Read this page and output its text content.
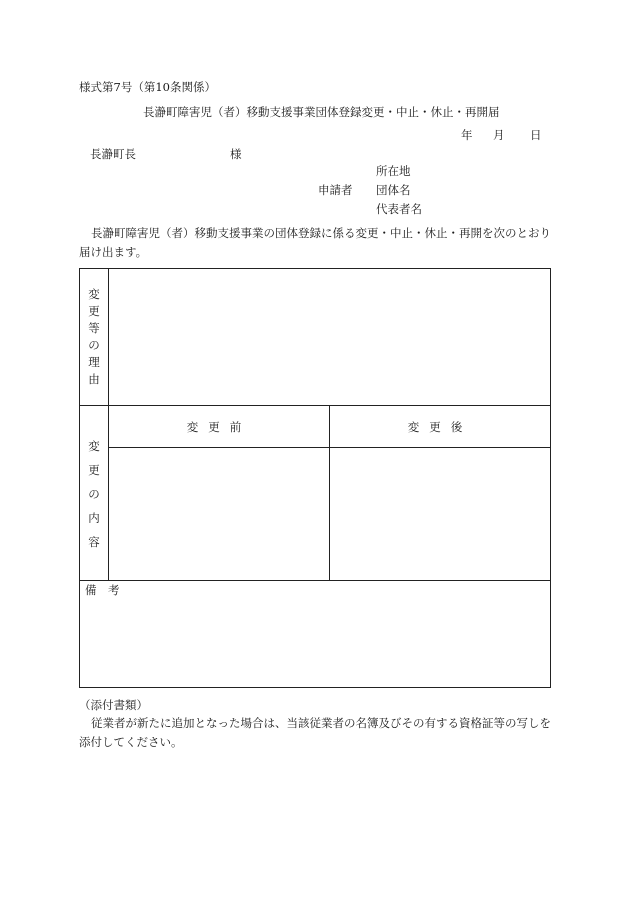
様式第7号（第10条関係）
長瀞町障害児（者）移動支援事業団体登録変更・中止・休止・再開届
年 月 日
長瀞町長	様
所在地
申請者 団体名
代表者名
長瀞町障害児（者）移動支援事業の団体登録に係る変更・中止・休止・再開を次のとおり届け出ます。
変
更
等
の
理
由
変
更
の
内
容
変更前	変更後
備　考
（添付書類）
従業者が新たに追加となった場合は、当該従業者の名簿及びその有する資格証等の写しを添付してください。
